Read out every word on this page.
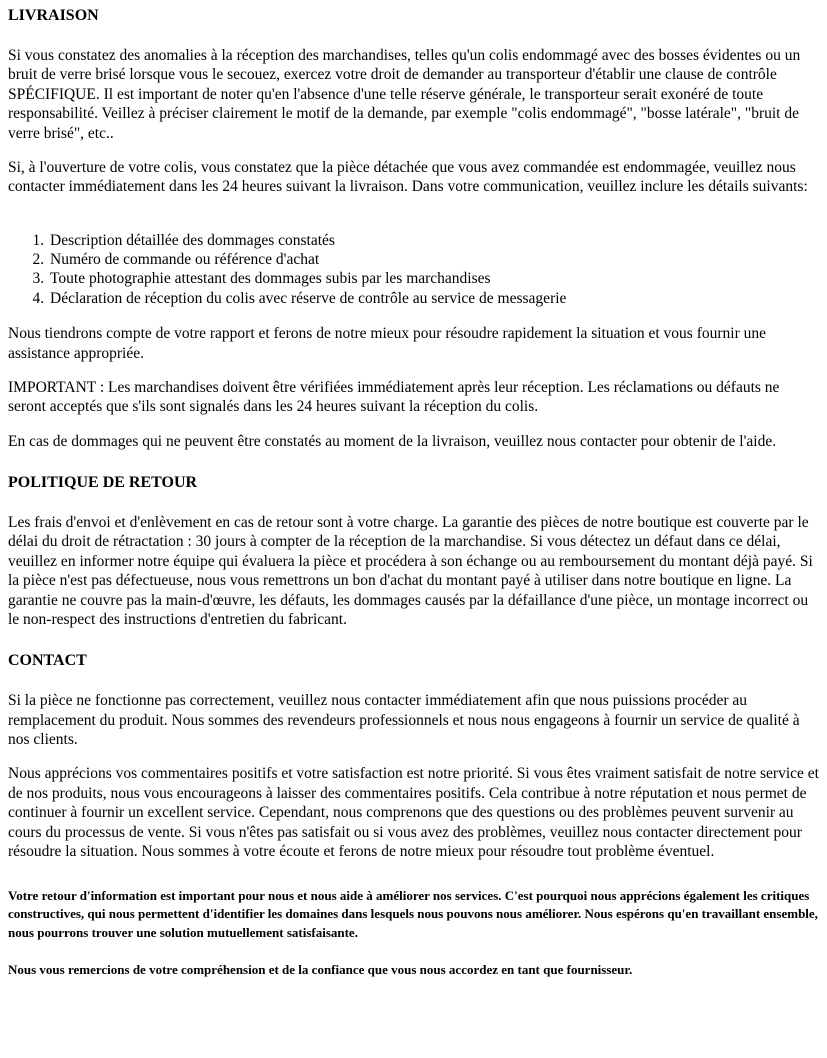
LIVRAISON

Si vous constatez des anomalies à la réception des marchandises, telles qu'un colis endommagé avec des bosses évidentes ou un bruit de verre brisé lorsque vous le secouez, exercez votre droit de demander au transporteur d'établir une clause de contrôle SPÉCIFIQUE. Il est important de noter qu'en l'absence d'une telle réserve générale, le transporteur serait exonéré de toute responsabilité. Veillez à préciser clairement le motif de la demande, par exemple "colis endommagé", "bosse latérale", "bruit de verre brisé", etc..

Si, à l'ouverture de votre colis, vous constatez que la pièce détachée que vous avez commandée est endommagée, veuillez nous contacter immédiatement dans les 24 heures suivant la livraison. Dans votre communication, veuillez inclure les détails suivants:

1. Description détaillée des dommages constatés
2. Numéro de commande ou référence d'achat
3. Toute photographie attestant des dommages subis par les marchandises
4. Déclaration de réception du colis avec réserve de contrôle au service de messagerie

Nous tiendrons compte de votre rapport et ferons de notre mieux pour résoudre rapidement la situation et vous fournir une assistance appropriée.

IMPORTANT : Les marchandises doivent être vérifiées immédiatement après leur réception. Les réclamations ou défauts ne seront acceptés que s'ils sont signalés dans les 24 heures suivant la réception du colis.

En cas de dommages qui ne peuvent être constatés au moment de la livraison, veuillez nous contacter pour obtenir de l'aide.

POLITIQUE DE RETOUR

Les frais d'envoi et d'enlèvement en cas de retour sont à votre charge. La garantie des pièces de notre boutique est couverte par le délai du droit de rétractation : 30 jours à compter de la réception de la marchandise. Si vous détectez un défaut dans ce délai, veuillez en informer notre équipe qui évaluera la pièce et procédera à son échange ou au remboursement du montant déjà payé. Si la pièce n'est pas défectueuse, nous vous remettrons un bon d'achat du montant payé à utiliser dans notre boutique en ligne. La garantie ne couvre pas la main-d'œuvre, les défauts, les dommages causés par la défaillance d'une pièce, un montage incorrect ou le non-respect des instructions d'entretien du fabricant.

CONTACT

Si la pièce ne fonctionne pas correctement, veuillez nous contacter immédiatement afin que nous puissions procéder au remplacement du produit. Nous sommes des revendeurs professionnels et nous nous engageons à fournir un service de qualité à nos clients.

Nous apprécions vos commentaires positifs et votre satisfaction est notre priorité. Si vous êtes vraiment satisfait de notre service et de nos produits, nous vous encourageons à laisser des commentaires positifs. Cela contribue à notre réputation et nous permet de continuer à fournir un excellent service. Cependant, nous comprenons que des questions ou des problèmes peuvent survenir au cours du processus de vente. Si vous n'êtes pas satisfait ou si vous avez des problèmes, veuillez nous contacter directement pour résoudre la situation. Nous sommes à votre écoute et ferons de notre mieux pour résoudre tout problème éventuel.

Votre retour d'information est important pour nous et nous aide à améliorer nos services. C'est pourquoi nous apprécions également les critiques constructives, qui nous permettent d'identifier les domaines dans lesquels nous pouvons nous améliorer. Nous espérons qu'en travaillant ensemble, nous pourrons trouver une solution mutuellement satisfaisante.

Nous vous remercions de votre compréhension et de la confiance que vous nous accordez en tant que fournisseur.
